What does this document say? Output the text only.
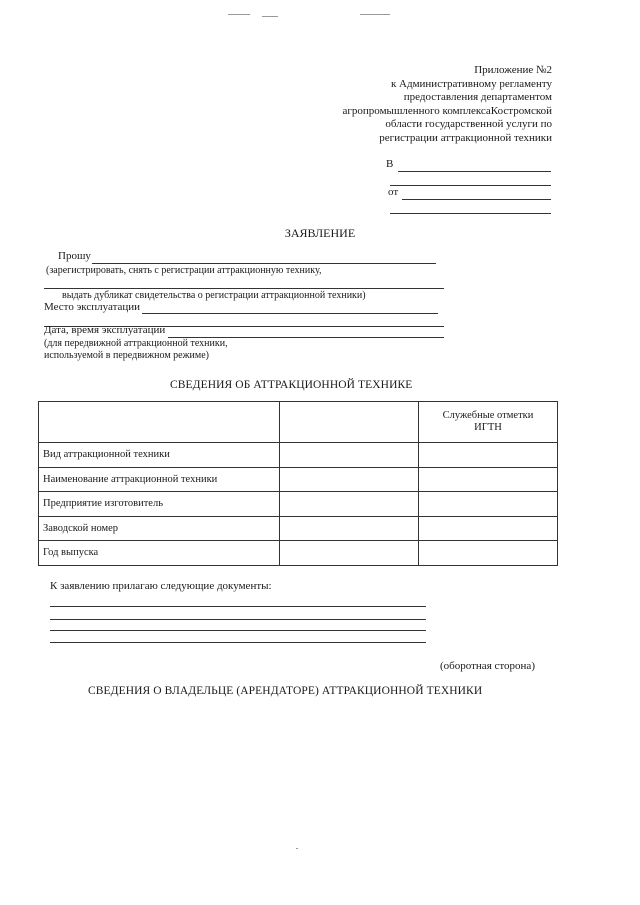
Приложение №2
к Административному регламенту
предоставления департаментом
агропромышленного комплексаКостромской
области государственной услуги по
регистрации аттракционной техники
В
от
ЗАЯВЛЕНИЕ
Прошу
(зарегистрировать, снять с регистрации аттракционную технику,
выдать дубликат свидетельства о регистрации аттракционной техники)
Место эксплуатации
Дата, время эксплуатации
(для передвижной аттракционной техники,
используемой в передвижном режиме)
СВЕДЕНИЯ ОБ АТТРАКЦИОННОЙ ТЕХНИКЕ

		Служебные отметки
ИГТН

Вид аттракционной техники		
Наименование аттракционной техники		
Предприятие изготовитель		
Заводской номер		
Год выпуска		
К заявлению прилагаю следующие документы:
(оборотная сторона)
СВЕДЕНИЯ О ВЛАДЕЛЬЦЕ (АРЕНДАТОРЕ) АТТРАКЦИОННОЙ ТЕХНИКИ
